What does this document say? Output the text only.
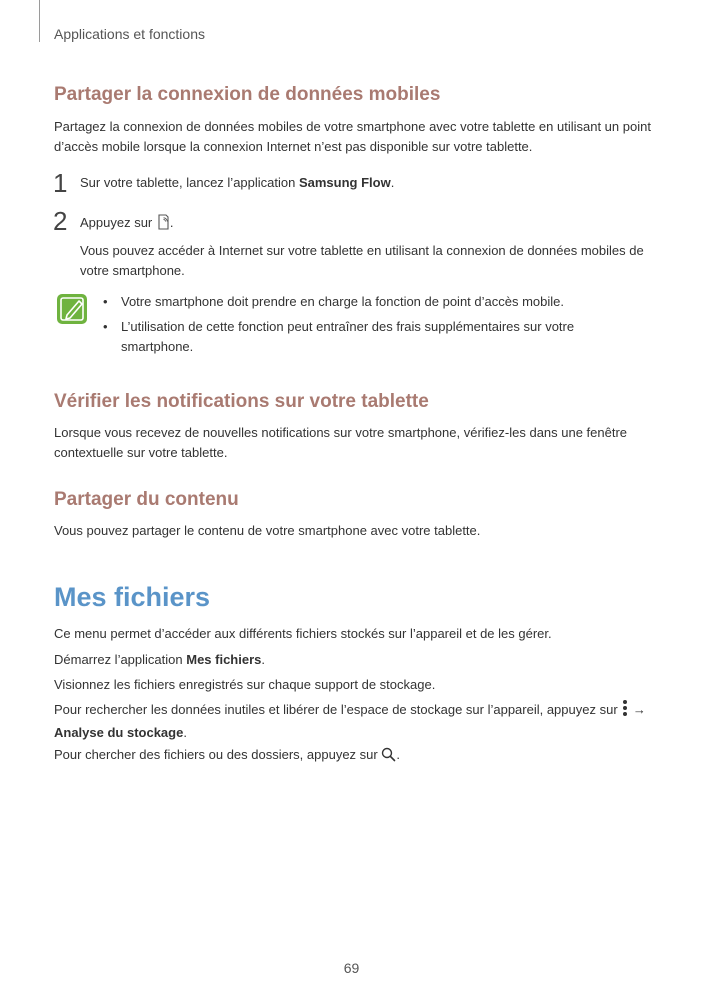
Applications et fonctions
Partager la connexion de données mobiles

Partagez la connexion de données mobiles de votre smartphone avec votre tablette en utilisant un point d’accès mobile lorsque la connexion Internet n’est pas disponible sur votre tablette.

1 Sur votre tablette, lancez l’application Samsung Flow.
2 Appuyez sur .

Vous pouvez accéder à Internet sur votre tablette en utilisant la connexion de données mobiles de votre smartphone.

• Votre smartphone doit prendre en charge la fonction de point d’accès mobile.
• L’utilisation de cette fonction peut entraîner des frais supplémentaires sur votre smartphone.
Vérifier les notifications sur votre tablette

Lorsque vous recevez de nouvelles notifications sur votre smartphone, vérifiez-les dans une fenêtre contextuelle sur votre tablette.

Partager du contenu

Vous pouvez partager le contenu de votre smartphone avec votre tablette.

Mes fichiers

Ce menu permet d’accéder aux différents fichiers stockés sur l’appareil et de les gérer.

Démarrez l’application Mes fichiers.

Visionnez les fichiers enregistrés sur chaque support de stockage.

Pour rechercher les données inutiles et libérer de l’espace de stockage sur l’appareil, appuyez sur  →
Analyse du stockage.

Pour chercher des fichiers ou des dossiers, appuyez sur .

69
